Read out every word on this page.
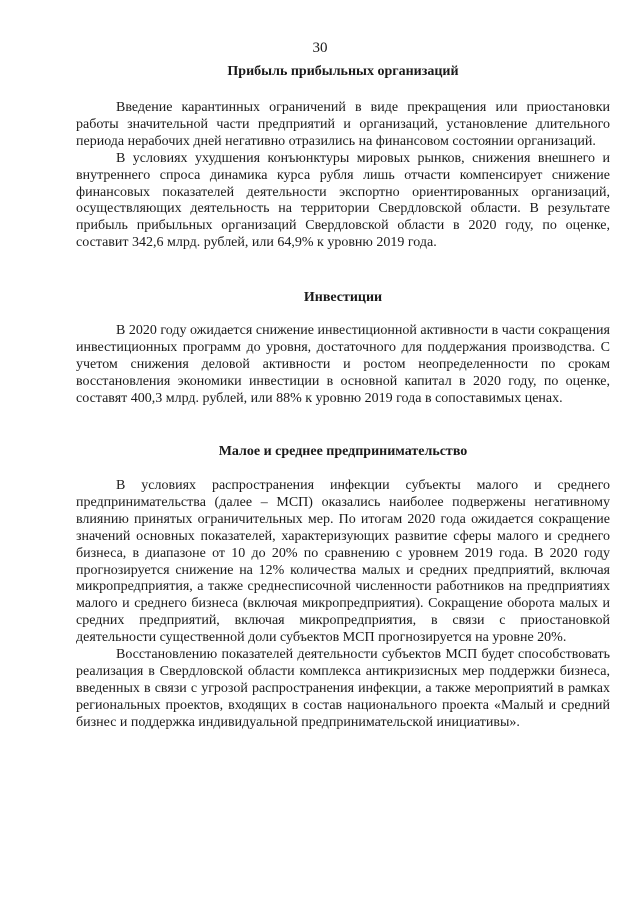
30
Прибыль прибыльных организаций

Введение карантинных ограничений в виде прекращения или приостановки работы значительной части предприятий и организаций, установление длительного периода нерабочих дней негативно отразились на финансовом состоянии организаций.

В условиях ухудшения конъюнктуры мировых рынков, снижения внешнего и внутреннего спроса динамика курса рубля лишь отчасти компенсирует снижение финансовых показателей деятельности экспортно ориентированных организаций, осуществляющих деятельность на территории Свердловской области. В результате прибыль прибыльных организаций Свердловской области в 2020 году, по оценке, составит 342,6 млрд. рублей, или 64,9% к уровню 2019 года.

Инвестиции

В 2020 году ожидается снижение инвестиционной активности в части сокращения инвестиционных программ до уровня, достаточного для поддержания производства. С учетом снижения деловой активности и ростом неопределенности по срокам восстановления экономики инвестиции в основной капитал в 2020 году, по оценке, составят 400,3 млрд. рублей, или 88% к уровню 2019 года в сопоставимых ценах.

Малое и среднее предпринимательство

В условиях распространения инфекции субъекты малого и среднего предпринимательства (далее – МСП) оказались наиболее подвержены негативному влиянию принятых ограничительных мер. По итогам 2020 года ожидается сокращение значений основных показателей, характеризующих развитие сферы малого и среднего бизнеса, в диапазоне от 10 до 20% по сравнению с уровнем 2019 года. В 2020 году прогнозируется снижение на 12% количества малых и средних предприятий, включая микропредприятия, а также среднесписочной численности работников на предприятиях малого и среднего бизнеса (включая микропредприятия). Сокращение оборота малых и средних предприятий, включая микропредприятия, в связи с приостановкой деятельности существенной доли субъектов МСП прогнозируется на уровне 20%.

Восстановлению показателей деятельности субъектов МСП будет способствовать реализация в Свердловской области комплекса антикризисных мер поддержки бизнеса, введенных в связи с угрозой распространения инфекции, а также мероприятий в рамках региональных проектов, входящих в состав национального проекта «Малый и средний бизнес и поддержка индивидуальной предпринимательской инициативы».
